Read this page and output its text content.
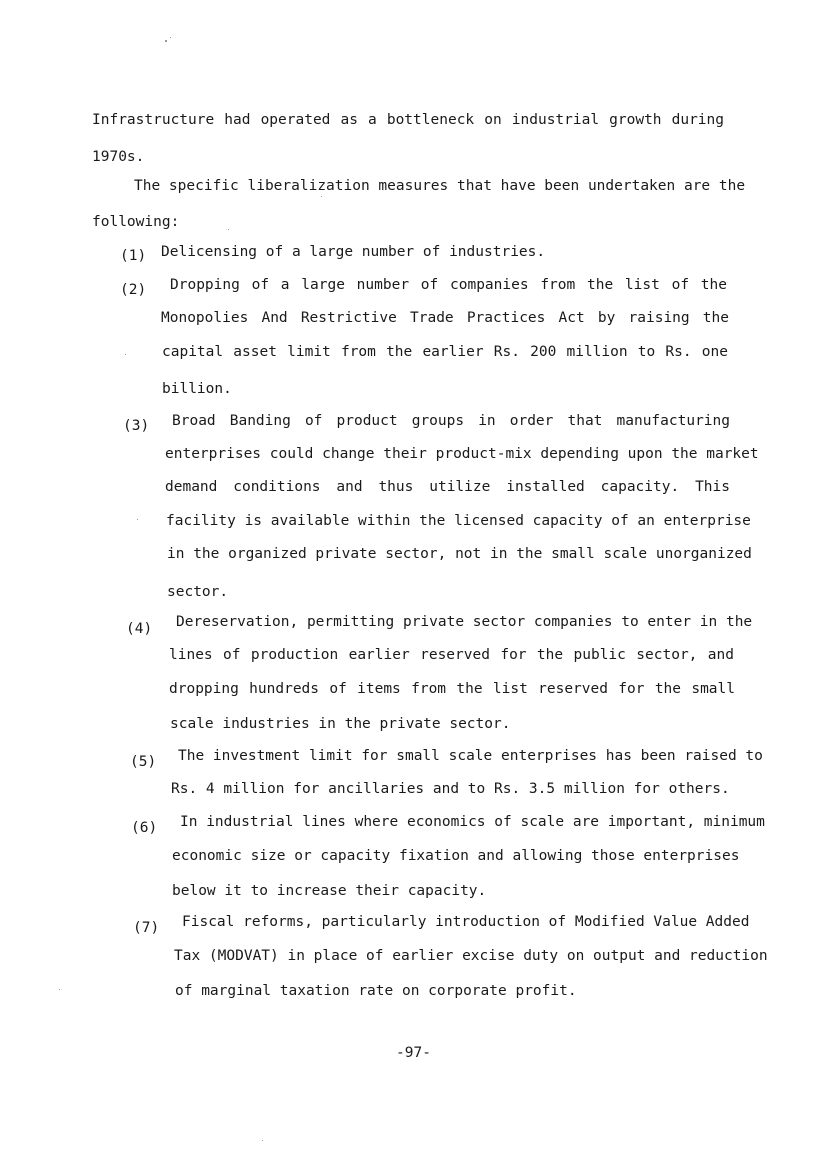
Infrastructure had operated as a bottleneck on industrial growth during
1970s.
The specific liberalization measures that have been undertaken are the
following:
(1) Delicensing of a large number of industries.
(2) Dropping of a large number of companies from the list of the
Monopolies And Restrictive Trade Practices Act by raising the
capital asset limit from the earlier Rs. 200 million to Rs. one
billion.
(3) Broad Banding of product groups in order that manufacturing
enterprises could change their product-mix depending upon the market
demand conditions and thus utilize installed capacity. This
facility is available within the licensed capacity of an enterprise
in the organized private sector, not in the small scale unorganized
sector.
(4) Dereservation, permitting private sector companies to enter in the
lines of production earlier reserved for the public sector, and
dropping hundreds of items from the list reserved for the small
scale industries in the private sector.
(5) The investment limit for small scale enterprises has been raised to
Rs. 4 million for ancillaries and to Rs. 3.5 million for others.
(6) In industrial lines where economics of scale are important, minimum
economic size or capacity fixation and allowing those enterprises
below it to increase their capacity.
(7) Fiscal reforms, particularly introduction of Modified Value Added
Tax (MODVAT) in place of earlier excise duty on output and reduction
of marginal taxation rate on corporate profit.
-97-
